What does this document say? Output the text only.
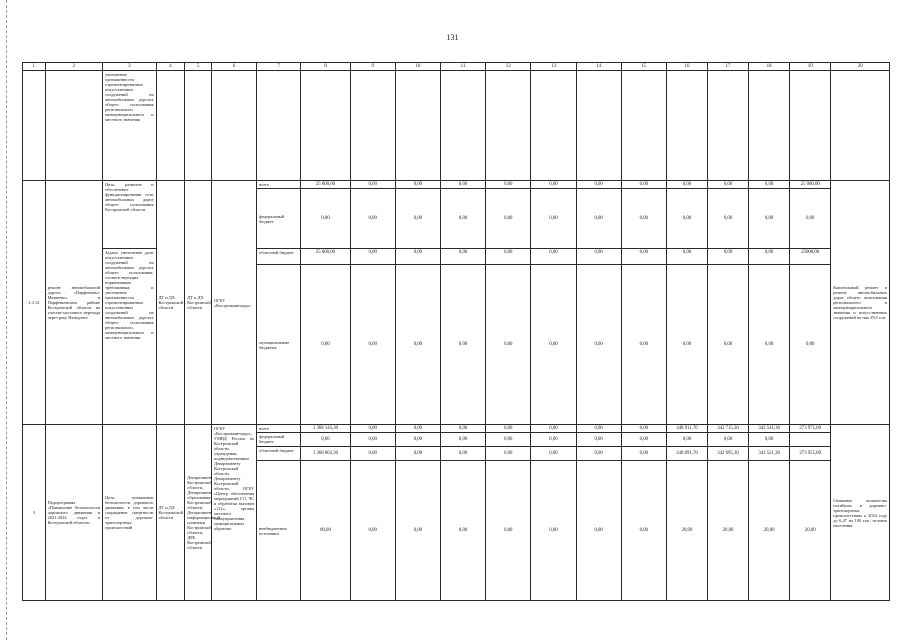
131
1	2	3	4	5	6	7	8	9	10	11	12	13	14	15	16	17	18	19	20
		увеличение протяженности отремонтированных искусственных сооружений на автомобильных дорогах общего пользования регионального, межмуниципального и местного значения																	
2.3.14	ремонт автомобильной дороги «Парфеньево-Матвеево» в Парфеньевском районе Костромской области на участке мостового перехода через реку Нюндонга	Цель: развитие и обеспечение функционирования сети автомобильных дорог общего пользования Костромской области	ДТ и ДХ Костромской области	ДТ и ДХ Костромской области	ОГБУ «Костромаавтодор»	всего	25 000,00	0,00	0,00	0,00	0,00	0,00	0,00	0,00	0,00	0,00	0,00	25 000,00	Капитальный ремонт и ремонт автомобильных дорог общего пользования регионального и межмуниципального значения и искусственных сооружений на них 29,5 п.м
						федеральный бюджет	0,00	0,00	0,00	0,00	0,00	0,00	0,00	0,00	0,00	0,00	0,00	0,00	
		Задача: увеличение доли искусственных сооружений на автомобильных дорогах общего пользования, соответствующих нормативным требованиям, и увеличение протяженности отремонтированных искусственных сооружений на автомобильных дорогах общего пользования регионального, межмуниципального и местного значения				областной бюджет	25 000,00	0,00	0,00	0,00	0,00	0,00	0,00	0,00	0,00	0,00	0,00	25000,00	
						муниципальные бюджеты	0,00	0,00	0,00	0,00	0,00	0,00	0,00	0,00	0,00	0,00	0,00	0,00	
3	Подпрограмма «Повышение безопасности дорожного движения в 2021-2024 годах в Костромской области»	Цель: повышение безопасности дорожного движения, в том числе сокращение смертности от дорожно-транспортных происшествий	ДТ и ДХ Костромской области	Департамент Костромской области, Департамент образования Костромской области, Департамент информационной политики Костромской области, ДРБ Костромской области	ОГБУ «Костромаавтодор», УМВД России по Костромской области, учреждения, подведомственные Департаменту Костромской области, Департаменту Костромской области, ОГБУ «Центр обеспечения мероприятий ГО, ЧС и обработки вызовов «112», органы местного самоуправления муниципальных образова-	всего	1 368 143,30	0,00	0,00	0,00	0,00	0,00	0,00	0,00	348 911,70	342 715,30	342 541,30	273 975,00	Снижение количества погибших в дорожно-транспортных происшествиях к 2024 году до 6,47 на 100 тыс. человек населения
						федеральный бюджет	0,00	0,00	0,00	0,00	0,00	0,00	0,00	0,00	0,00	0,00	0,00		
						областной бюджет	1 368 063,30	0,00	0,00	0,00	0,00	0,00	0,00	0,00	348 891,70	342 695,30	342 521,30	273 955,00	
						внебюджетные источники	80,00	0,00	0,00	0,00	0,00	0,00	0,00	0,00	20,00	20,00	20,00	20,00	
